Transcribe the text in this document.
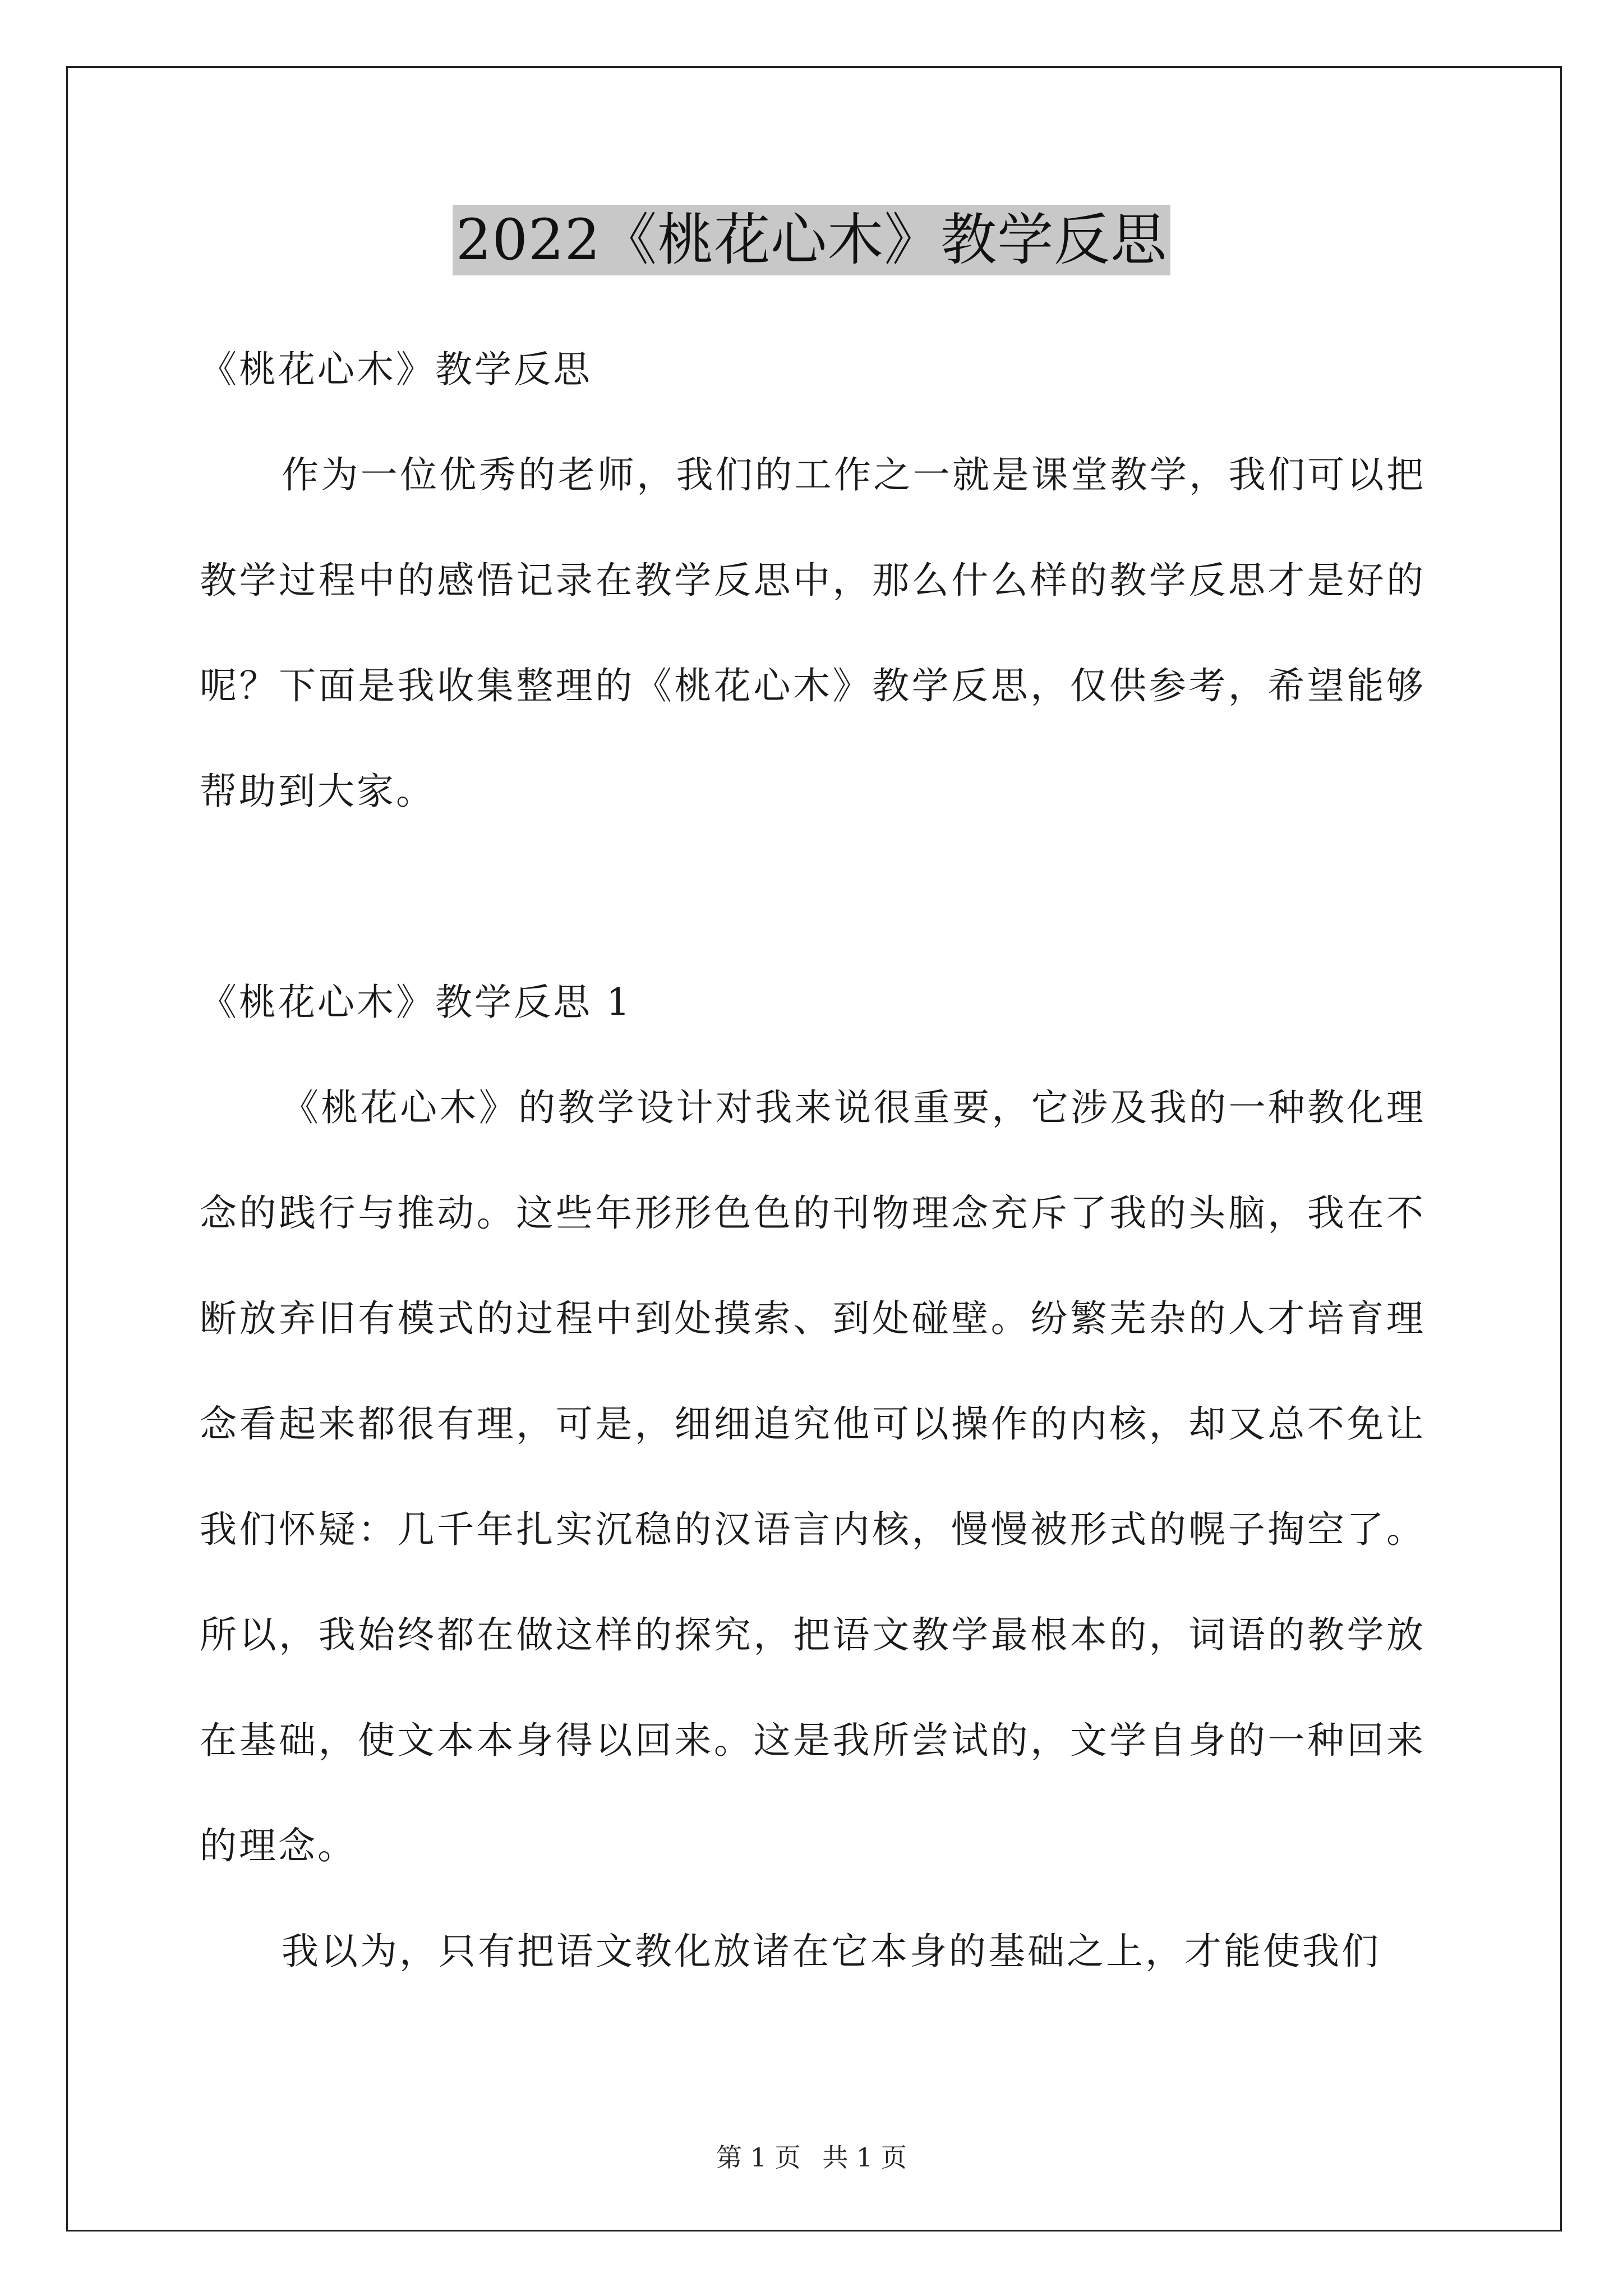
2022《桃花心木》教学反思

《桃花心木》教学反思

作为一位优秀的老师，我们的工作之一就是课堂教学，我们可以把教学过程中的感悟记录在教学反思中，那么什么样的教学反思才是好的呢？下面是我收集整理的《桃花心木》教学反思，仅供参考，希望能够帮助到大家。

《桃花心木》教学反思 1

《桃花心木》的教学设计对我来说很重要，它涉及我的一种教化理念的践行与推动。这些年形形色色的刊物理念充斥了我的头脑，我在不断放弃旧有模式的过程中到处摸索、到处碰壁。纷繁芜杂的人才培育理念看起来都很有理，可是，细细追究他可以操作的内核，却又总不免让我们怀疑：几千年扎实沉稳的汉语言内核，慢慢被形式的幌子掏空了。所以，我始终都在做这样的探究，把语文教学最根本的，词语的教学放在基础，使文本本身得以回来。这是我所尝试的，文学自身的一种回来的理念。

我以为，只有把语文教化放诸在它本身的基础之上，才能使我们

第 1 页 共 1 页
